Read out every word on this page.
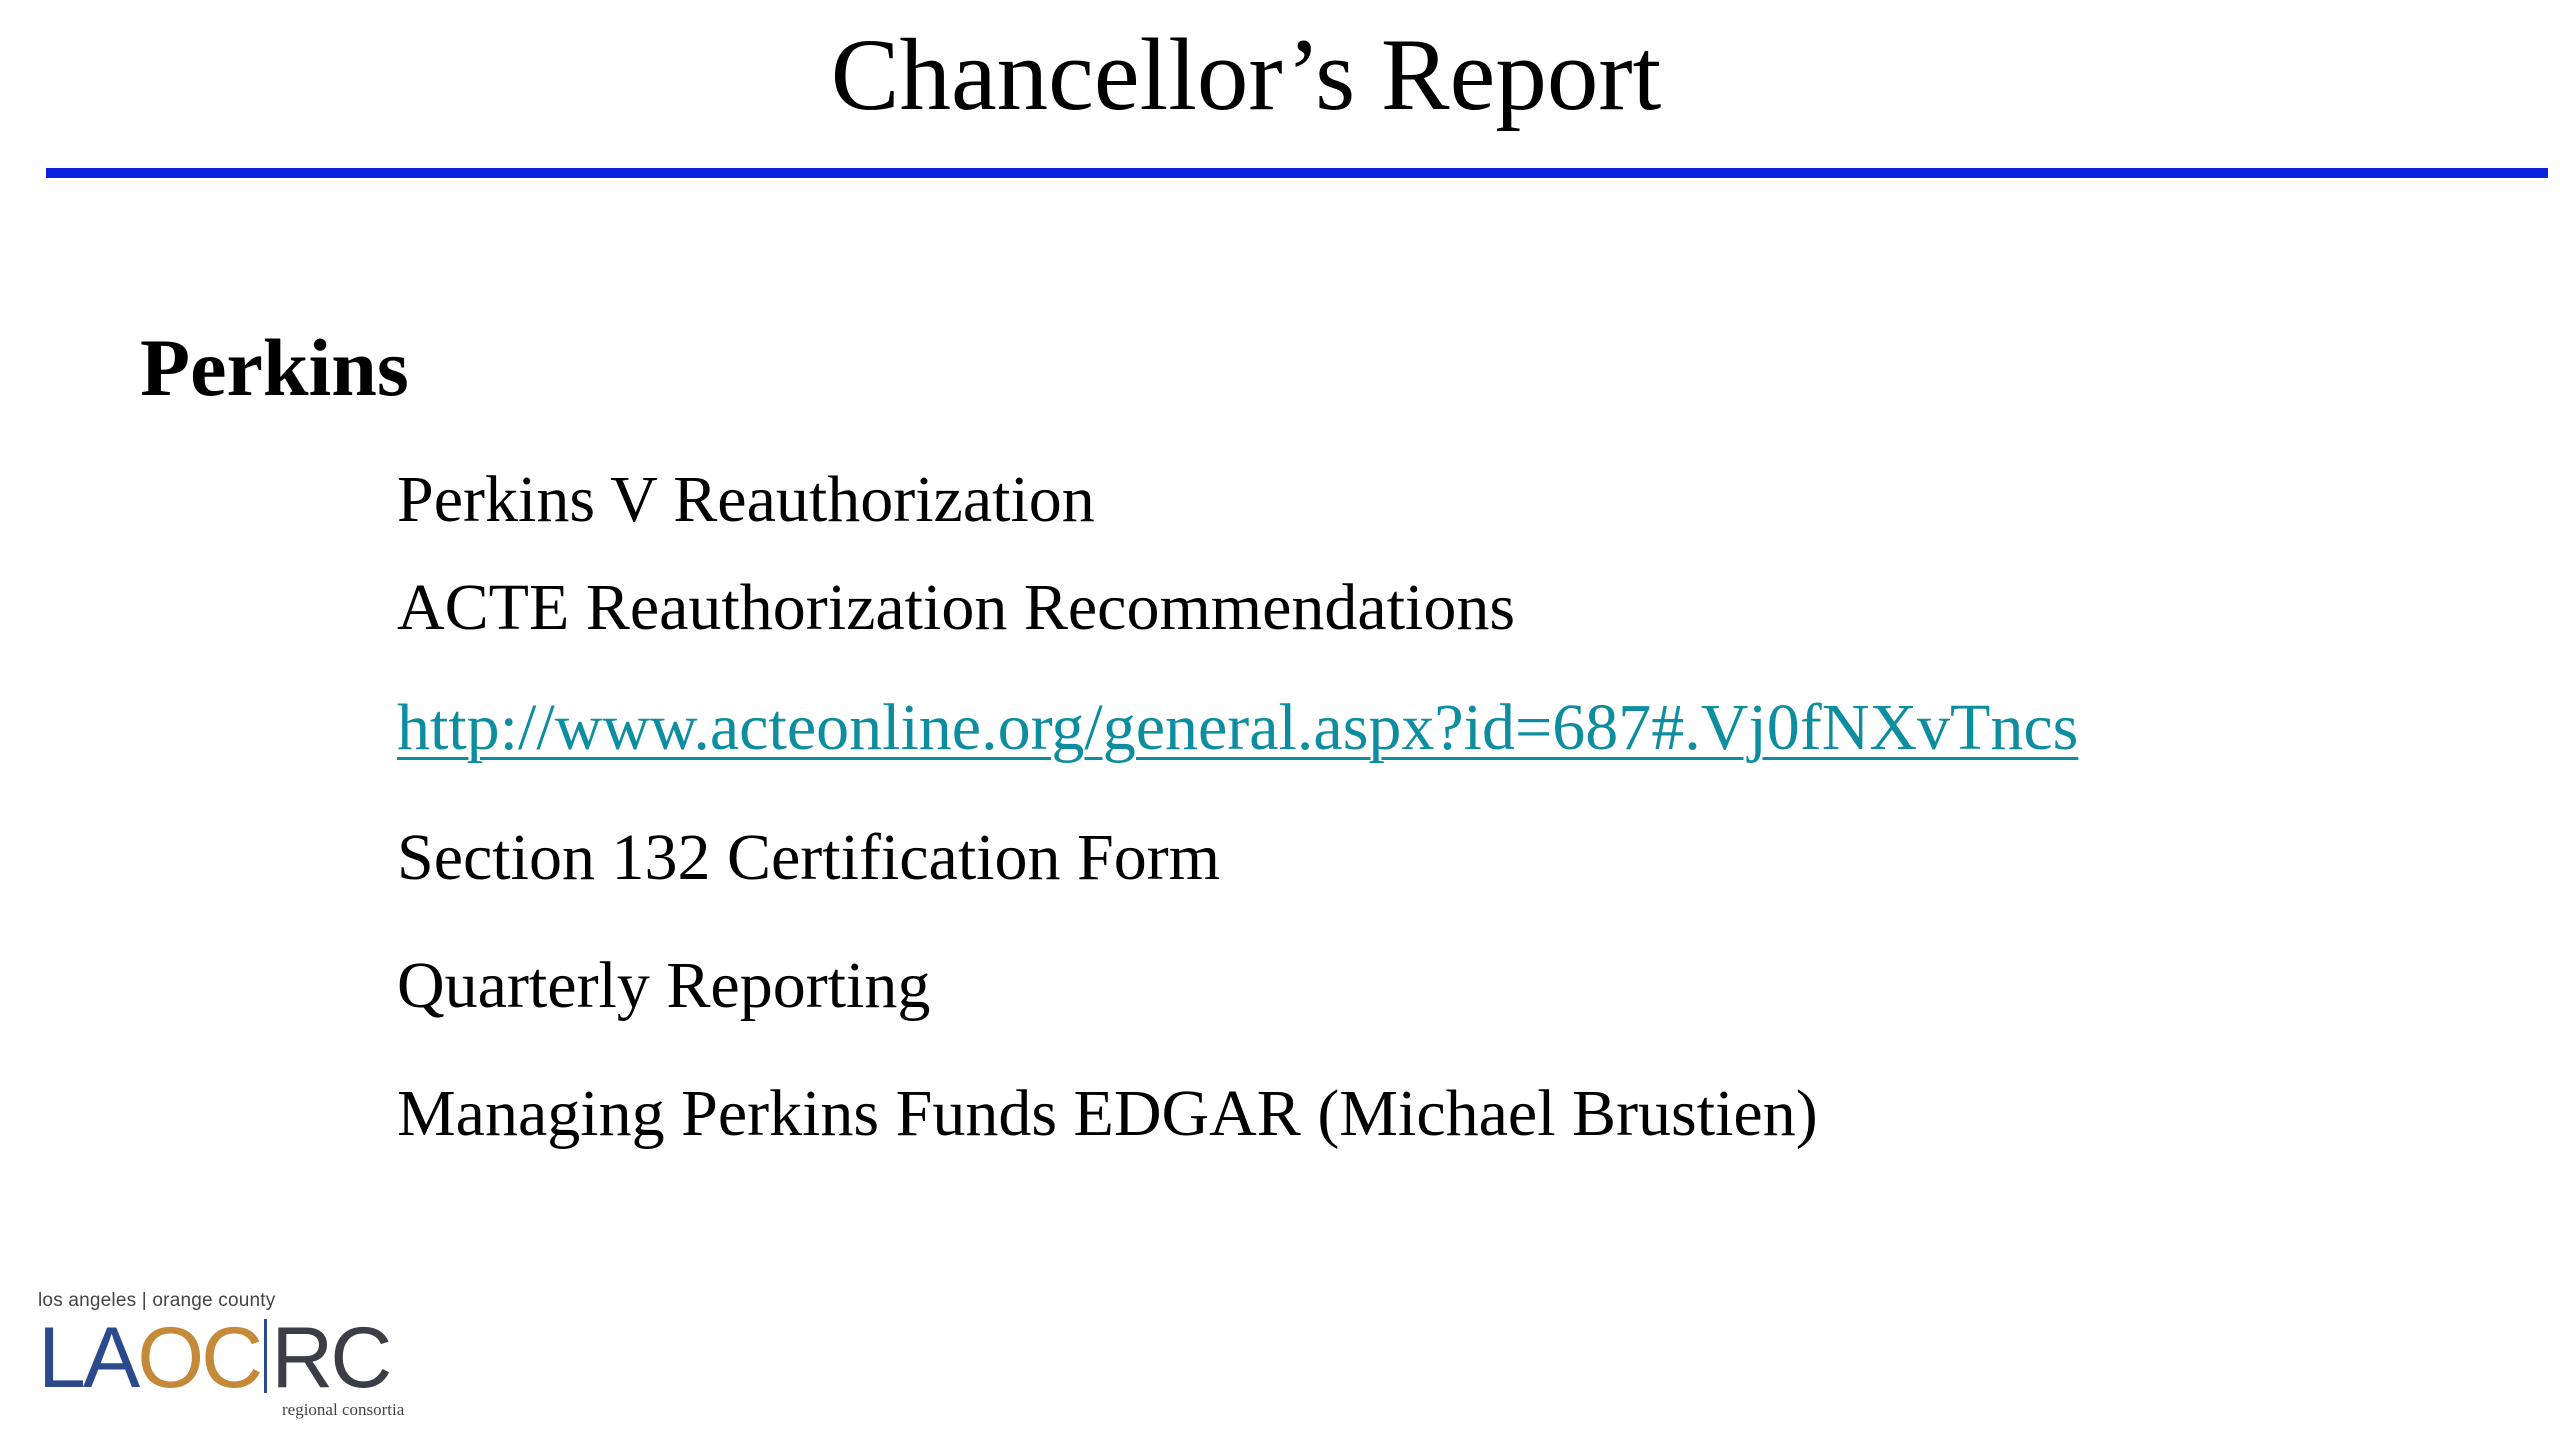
Chancellor’s Report
Perkins
Perkins V Reauthorization
ACTE Reauthorization Recommendations
http://www.acteonline.org/general.aspx?id=687#.Vj0fNXvTncs
Section 132 Certification Form
Quarterly Reporting
Managing Perkins Funds EDGAR (Michael Brustien)
los angeles | orange county
LAOC RC
regional consortia
